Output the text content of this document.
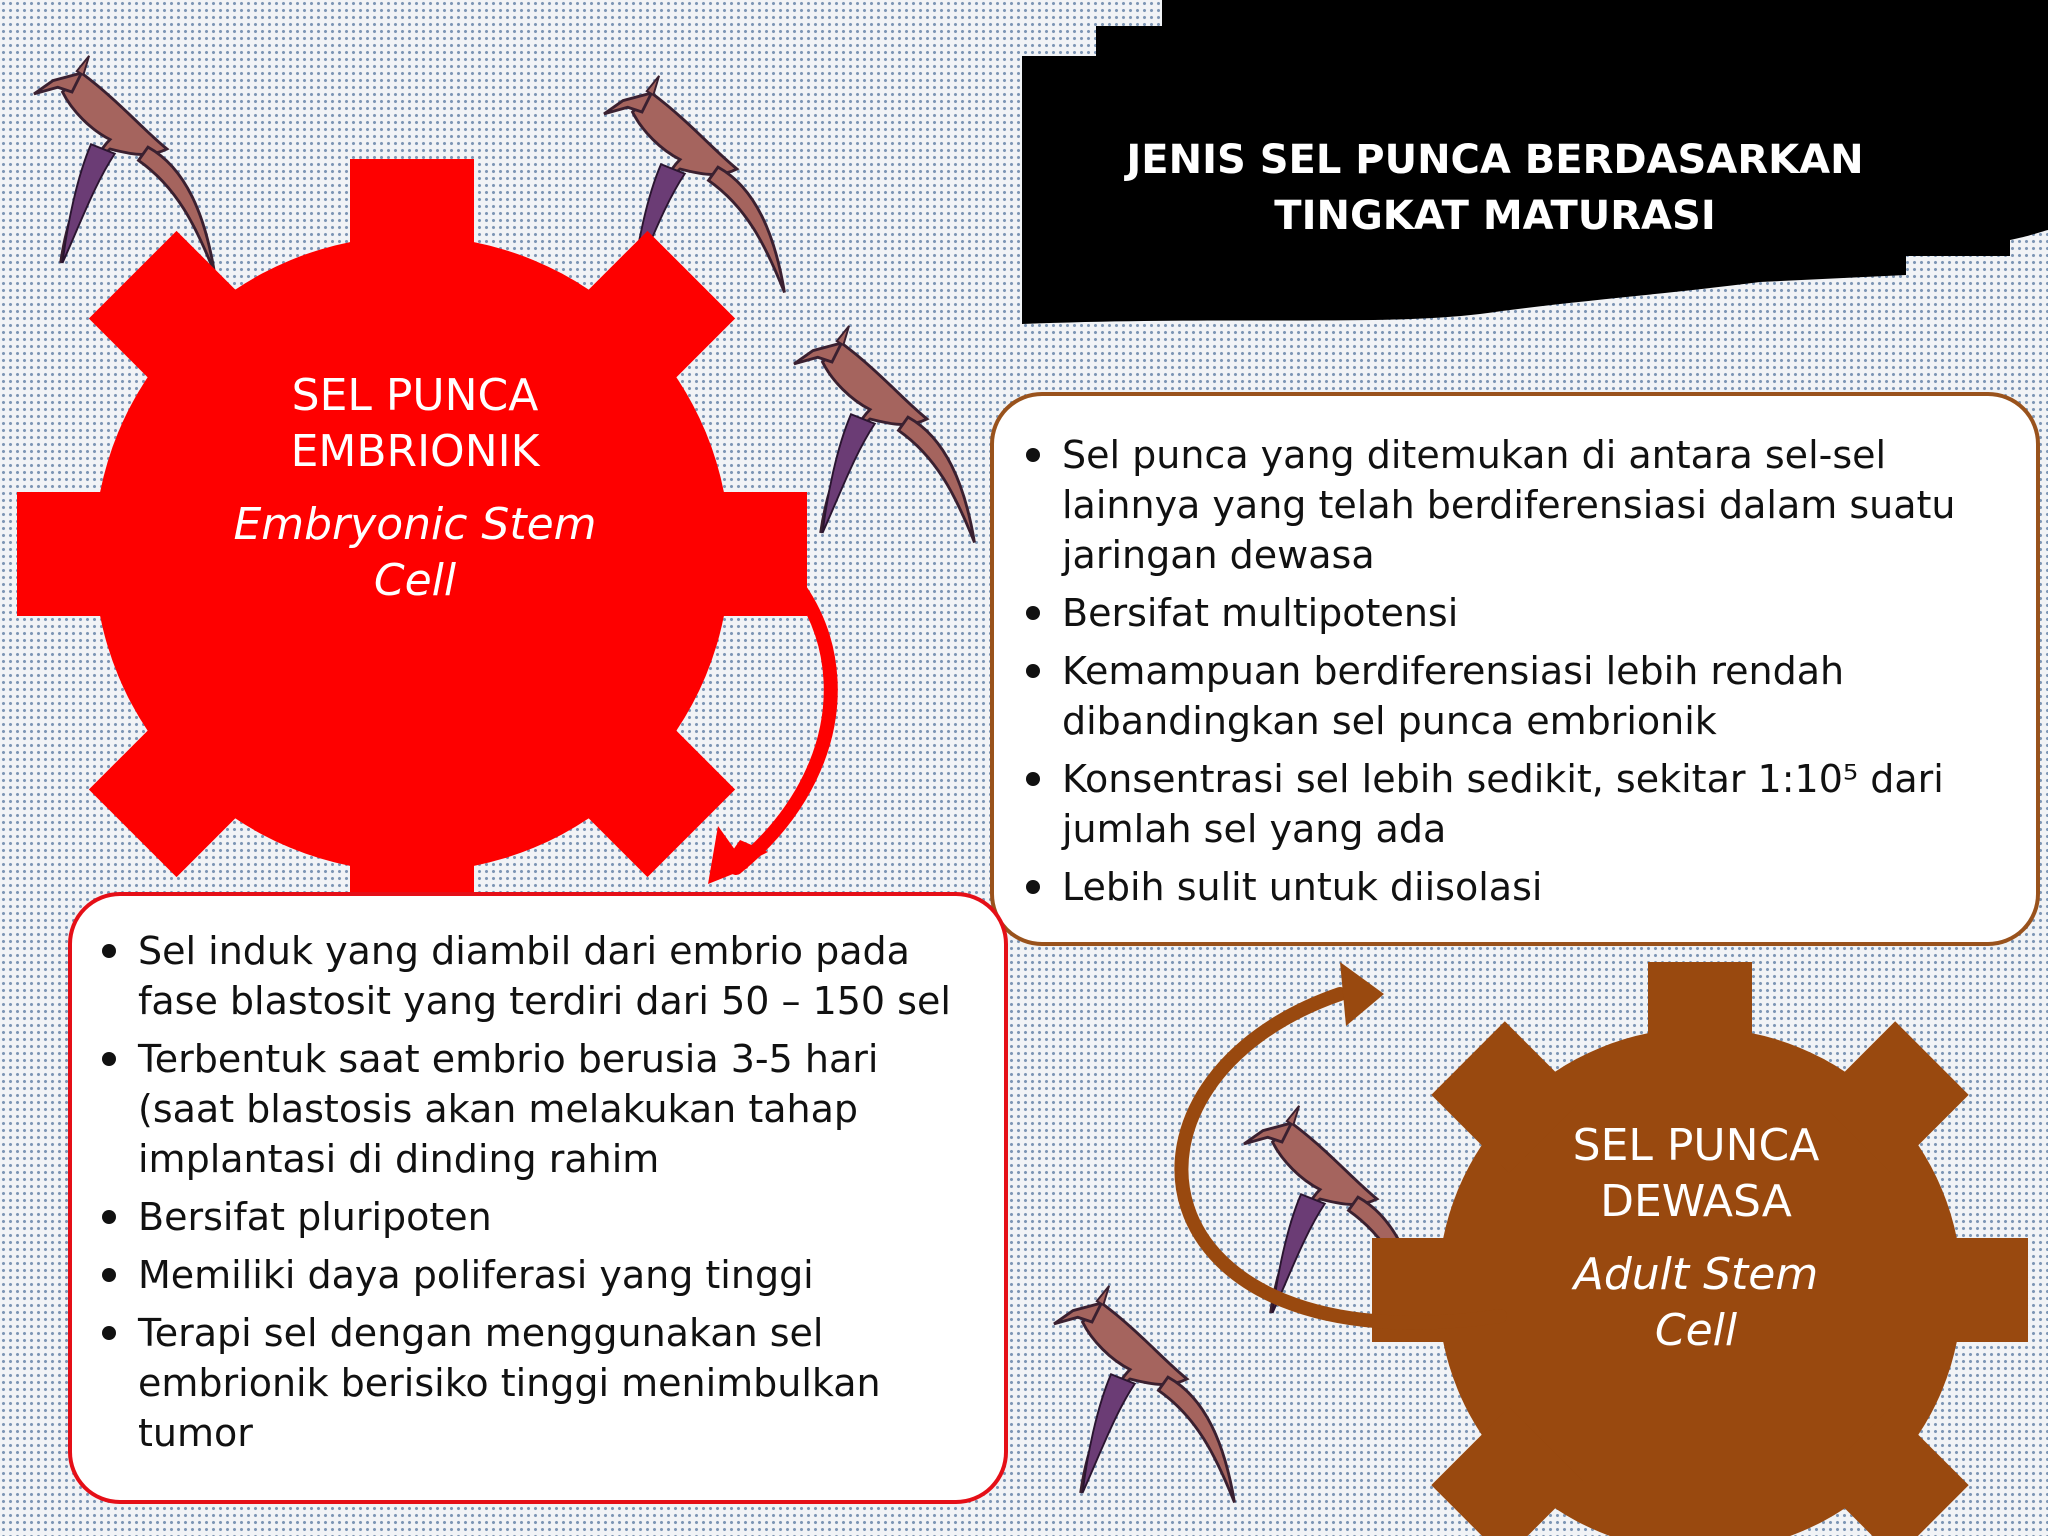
JENIS SEL PUNCA BERDASARKAN
TINGKAT MATURASI
SEL PUNCA
EMBRIONIK
Embryonic Stem
Cell
SEL PUNCA
DEWASA
Adult Stem
Cell
Sel punca yang ditemukan di antara sel-sel lainnya yang telah berdiferensiasi dalam suatu jaringan dewasa
Bersifat multipotensi
Kemampuan berdiferensiasi lebih rendah dibandingkan sel punca embrionik
Konsentrasi sel lebih sedikit, sekitar 1:10⁵ dari jumlah sel yang ada
Lebih sulit untuk diisolasi
Sel induk yang diambil dari embrio pada fase blastosit yang terdiri dari 50 – 150 sel
Terbentuk saat embrio berusia 3-5 hari (saat blastosis akan melakukan tahap implantasi di dinding rahim
Bersifat pluripoten
Memiliki daya poliferasi yang tinggi
Terapi sel dengan menggunakan sel embrionik berisiko tinggi menimbulkan tumor
